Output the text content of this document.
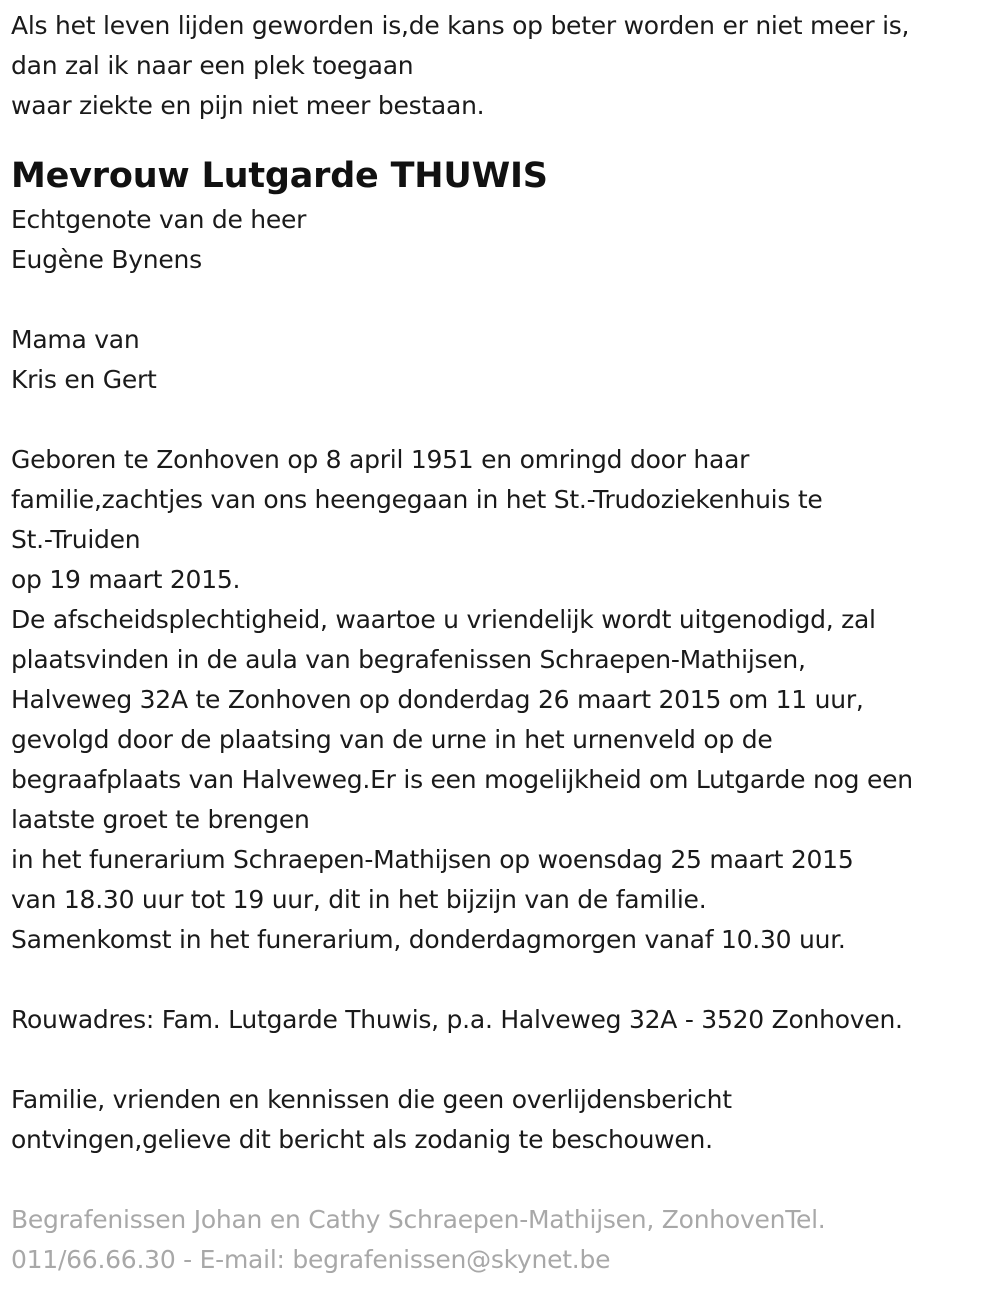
Als het leven lijden geworden is,de kans op beter worden er niet meer is,
dan zal ik naar een plek toegaan
waar ziekte en pijn niet meer bestaan.
Mevrouw Lutgarde THUWIS
Echtgenote van de heer
Eugène Bynens
Mama van
Kris en Gert
Geboren te Zonhoven op 8 april 1951 en omringd door haar
familie,zachtjes van ons heengegaan in het St.-Trudoziekenhuis te
St.-Truiden
op 19 maart 2015.
De afscheidsplechtigheid, waartoe u vriendelijk wordt uitgenodigd, zal
plaatsvinden in de aula van begrafenissen Schraepen-Mathijsen,
Halveweg 32A te Zonhoven op donderdag 26 maart 2015 om 11 uur,
gevolgd door de plaatsing van de urne in het urnenveld op de
begraafplaats van Halveweg.Er is een mogelijkheid om Lutgarde nog een
laatste groet te brengen
in het funerarium Schraepen-Mathijsen op woensdag 25 maart 2015
van 18.30 uur tot 19 uur, dit in het bijzijn van de familie.
Samenkomst in het funerarium, donderdagmorgen vanaf 10.30 uur.
Rouwadres: Fam. Lutgarde Thuwis, p.a. Halveweg 32A - 3520 Zonhoven.
Familie, vrienden en kennissen die geen overlijdensbericht
ontvingen,gelieve dit bericht als zodanig te beschouwen.
Begrafenissen Johan en Cathy Schraepen-Mathijsen, ZonhovenTel.
011/66.66.30 - E-mail: begrafenissen@skynet.be
